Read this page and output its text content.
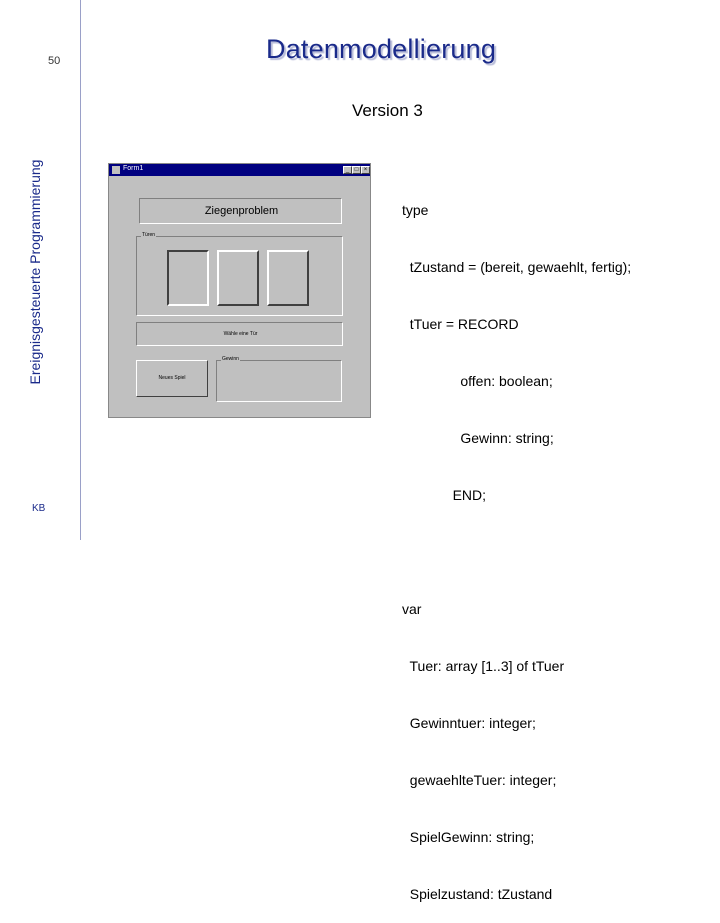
50
Ereignisgesteuerte Programmierung
KB
Datenmodellierung
Version 3
Form1	_ □ ×
Ziegenproblem
Türen
Wähle eine Tür
Neues Spiel
Gewinn

type

tZustand = (bereit, gewaehlt, fertig);

tTuer = RECORD

offen: boolean;

Gewinn: string;

END;

var

Tuer: array [1..3] of tTuer

Gewinntuer: integer;

gewaehlteTuer: integer;

SpielGewinn: string;

Spielzustand: tZustand
